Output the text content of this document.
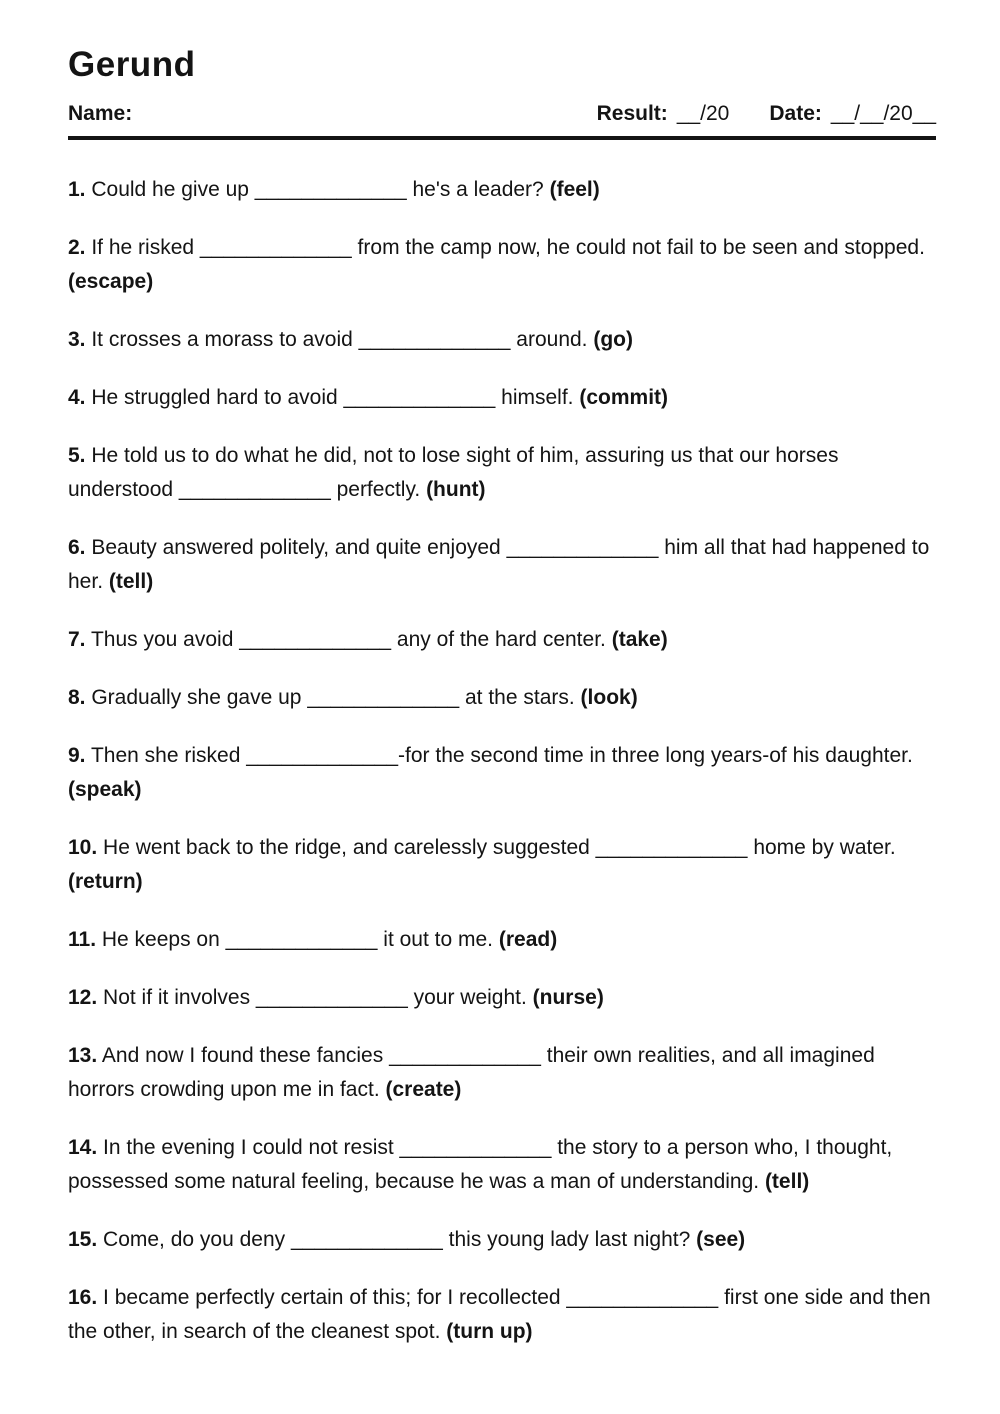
Gerund
Name:	Result: __/20 Date: __/__/20__

1. Could he give up _____________ he's a leader? (feel)

2. If he risked _____________ from the camp now, he could not fail to be seen and stopped. (escape)

3. It crosses a morass to avoid _____________ around. (go)

4. He struggled hard to avoid _____________ himself. (commit)

5. He told us to do what he did, not to lose sight of him, assuring us that our horses understood _____________ perfectly. (hunt)

6. Beauty answered politely, and quite enjoyed _____________ him all that had happened to her. (tell)

7. Thus you avoid _____________ any of the hard center. (take)

8. Gradually she gave up _____________ at the stars. (look)

9. Then she risked _____________-for the second time in three long years-of his daughter. (speak)

10. He went back to the ridge, and carelessly suggested _____________ home by water. (return)

11. He keeps on _____________ it out to me. (read)

12. Not if it involves _____________ your weight. (nurse)

13. And now I found these fancies _____________ their own realities, and all imagined horrors crowding upon me in fact. (create)

14. In the evening I could not resist _____________ the story to a person who, I thought, possessed some natural feeling, because he was a man of understanding. (tell)

15. Come, do you deny _____________ this young lady last night? (see)

16. I became perfectly certain of this; for I recollected _____________ first one side and then the other, in search of the cleanest spot. (turn up)
